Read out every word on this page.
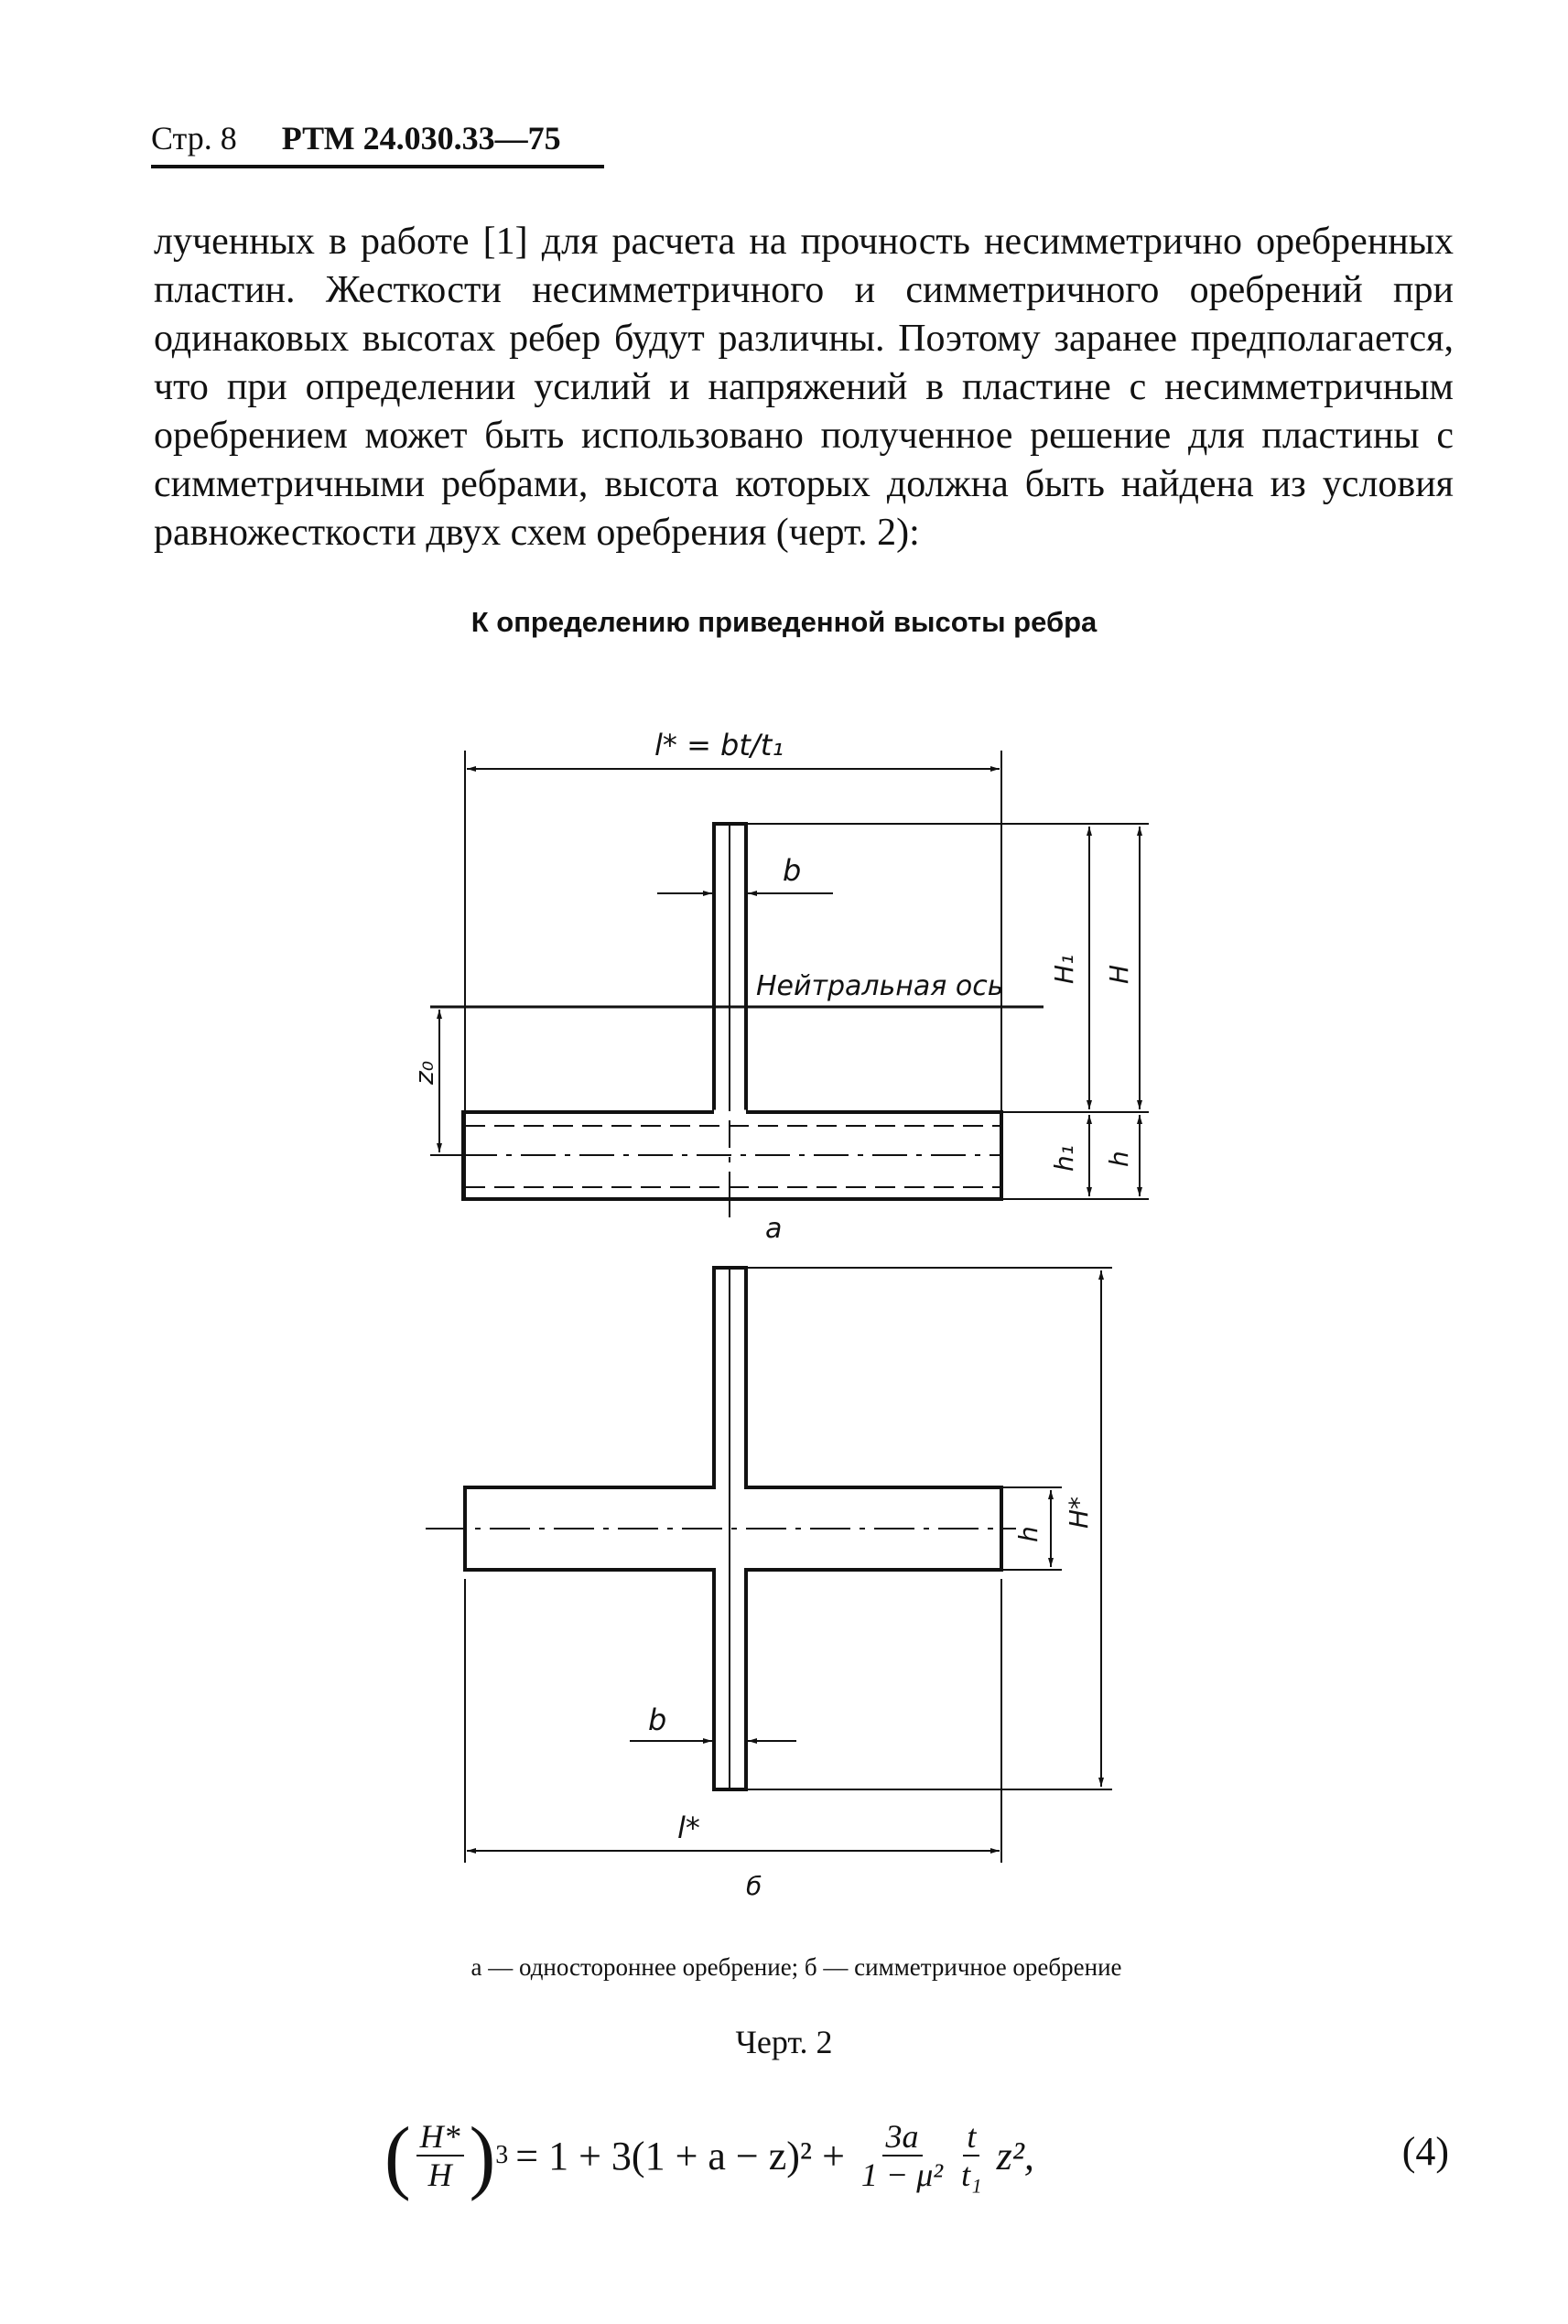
Стр. 8 РТМ 24.030.33—75

лученных в работе [1] для расчета на прочность несимметрично оребренных пластин. Жесткости несимметричного и симметричного оребрений при одинаковых высотах ребер будут различны. Поэтому заранее предполагается, что при определении усилий и напряжений в пластине с несимметричным оребрением может быть использовано полученное решение для пластины с симметричными ребрами, высота которых должна быть найдена из условия равножесткости двух схем оребрения (черт. 2):

К определению приведенной высоты ребра
l* = bt/t₁
b
Нейтральная ось
z₀
H₁ H
h₁ h
а
h
H*
b
l*
б
а — одностороннее оребрение; б — симметричное оребрение
Черт. 2
( $\frac{H*}{H}$ ) $3 = 1 + 3(1 + a - z)^2 + \frac{3a}{\text{1 − μ²}} \frac{t}{\text{t₁}} z^2$,	(4)
